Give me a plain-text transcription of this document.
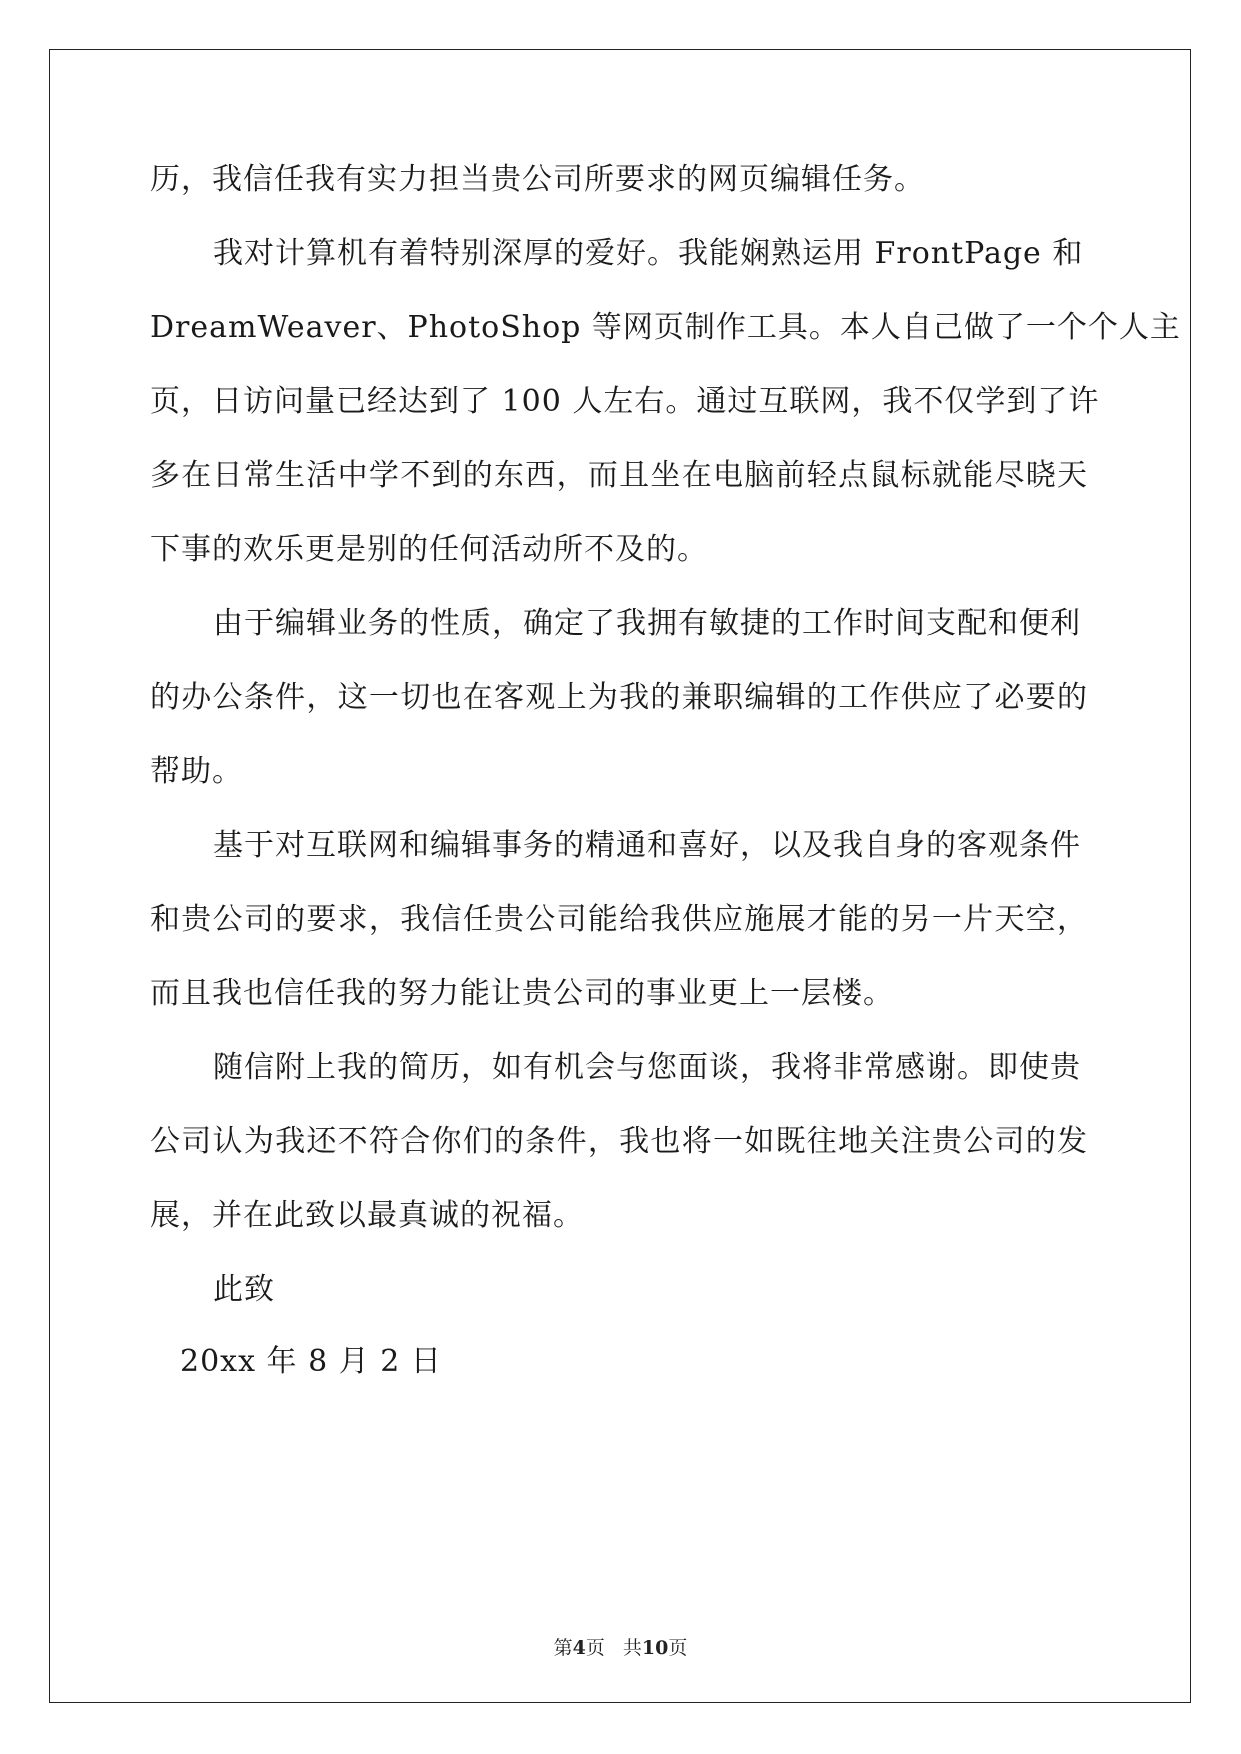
历，我信任我有实力担当贵公司所要求的网页编辑任务。
我对计算机有着特别深厚的爱好。我能娴熟运用 FrontPage 和
DreamWeaver、PhotoShop 等网页制作工具。本人自己做了一个个人主
页，日访问量已经达到了 100 人左右。通过互联网，我不仅学到了许
多在日常生活中学不到的东西，而且坐在电脑前轻点鼠标就能尽晓天
下事的欢乐更是别的任何活动所不及的。
由于编辑业务的性质，确定了我拥有敏捷的工作时间支配和便利
的办公条件，这一切也在客观上为我的兼职编辑的工作供应了必要的
帮助。
基于对互联网和编辑事务的精通和喜好，以及我自身的客观条件
和贵公司的要求，我信任贵公司能给我供应施展才能的另一片天空，
而且我也信任我的努力能让贵公司的事业更上一层楼。
随信附上我的简历，如有机会与您面谈，我将非常感谢。即使贵
公司认为我还不符合你们的条件，我也将一如既往地关注贵公司的发
展，并在此致以最真诚的祝福。
此致
20xx 年 8 月 2 日
第4页 共10页
